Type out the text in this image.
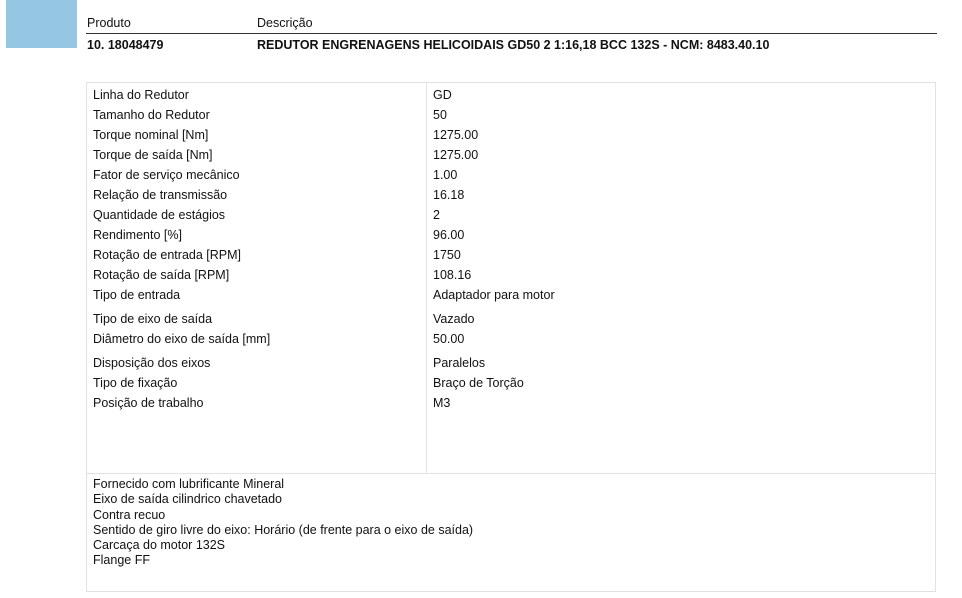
Produto	Descrição
10. 18048479	REDUTOR ENGRENAGENS HELICOIDAIS GD50 2 1:16,18 BCC 132S - NCM: 8483.40.10
Linha do Redutor	GD
Tamanho do Redutor	50
Torque nominal [Nm]	1275.00
Torque de saída [Nm]	1275.00
Fator de serviço mecânico	1.00
Relação de transmissão	16.18
Quantidade de estágios	2
Rendimento [%]	96.00
Rotação de entrada [RPM]	1750
Rotação de saída [RPM]	108.16
Tipo de entrada	Adaptador para motor
Tipo de eixo de saída	Vazado
Diâmetro do eixo de saída [mm]	50.00
Disposição dos eixos	Paralelos
Tipo de fixação	Braço de Torção
Posição de trabalho	M3
Fornecido com lubrificante Mineral
Eixo de saída cilindrico chavetado
Contra recuo
Sentido de giro livre do eixo: Horário (de frente para o eixo de saída)
Carcaça do motor 132S
Flange FF
